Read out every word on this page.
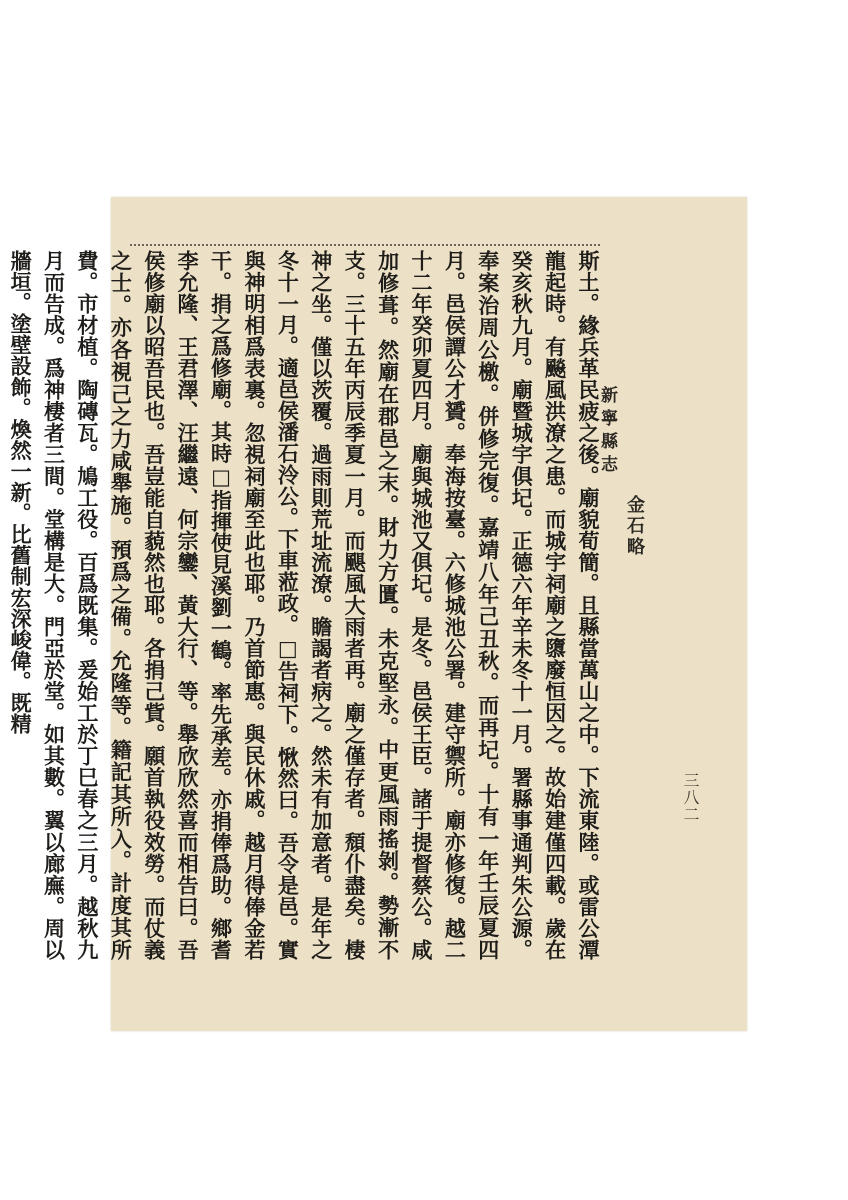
新寧縣志
金石略
三八二
斯土。緣兵革民疲之後。廟貌荀簡。且縣當萬山之中。下流東陸。或雷公潭龍起時。有飈風洪潦之患。而城宇祠廟之隳廢恒因之。故始建僅四載。歲在癸亥秋九月。廟暨城宇俱圮。正德六年辛未冬十一月。署縣事通判朱公源。奉案治周公檄。併修完復。嘉靖八年己丑秋。而再圮。十有一年壬辰夏四月。邑侯譚公才贇。奉海按臺。六修城池公署。建守禦所。廟亦修復。越二十二年癸卯夏四月。廟與城池又俱圮。是冬。邑侯王臣。諸于提督蔡公。咸加修葺。然廟在郡邑之末。財力方匱。未克堅永。中更風雨搖剝。勢漸不支。三十五年丙辰季夏一月。而颶風大雨者再。廟之僅存者。頹仆盡矣。棲神之坐。僅以茨覆。過雨則荒址流潦。瞻謁者病之。然未有加意者。是年之冬十一月。適邑侯潘石泠公。下車蒞政。□告祠下。愀然曰。吾令是邑。實與神明相爲表裏。忽視祠廟至此也耶。乃首節惠。與民休戚。越月得俸金若干。捐之爲修廟。其時□指揮使見溪劉一鶴。率先承差。亦捐俸爲助。鄉耆李允隆、王君澤、汪繼遠、何宗鑾、黃大行、等。舉欣欣然喜而相告曰。吾侯修廟以昭吾民也。吾豈能自藐然也耶。各捐己貲。願首執役效勞。而仗義之士。亦各視己之力咸舉施。預爲之備。允隆等。籍記其所入。計度其所費。市材植。陶磚瓦。鳩工役。百爲既集。爰始工於丁巳春之三月。越秋九月而告成。爲神棲者三間。堂構是大。門亞於堂。如其數。翼以廊廡。周以牆垣。塗壁設飾。煥然一新。比舊制宏深峻偉。既精
